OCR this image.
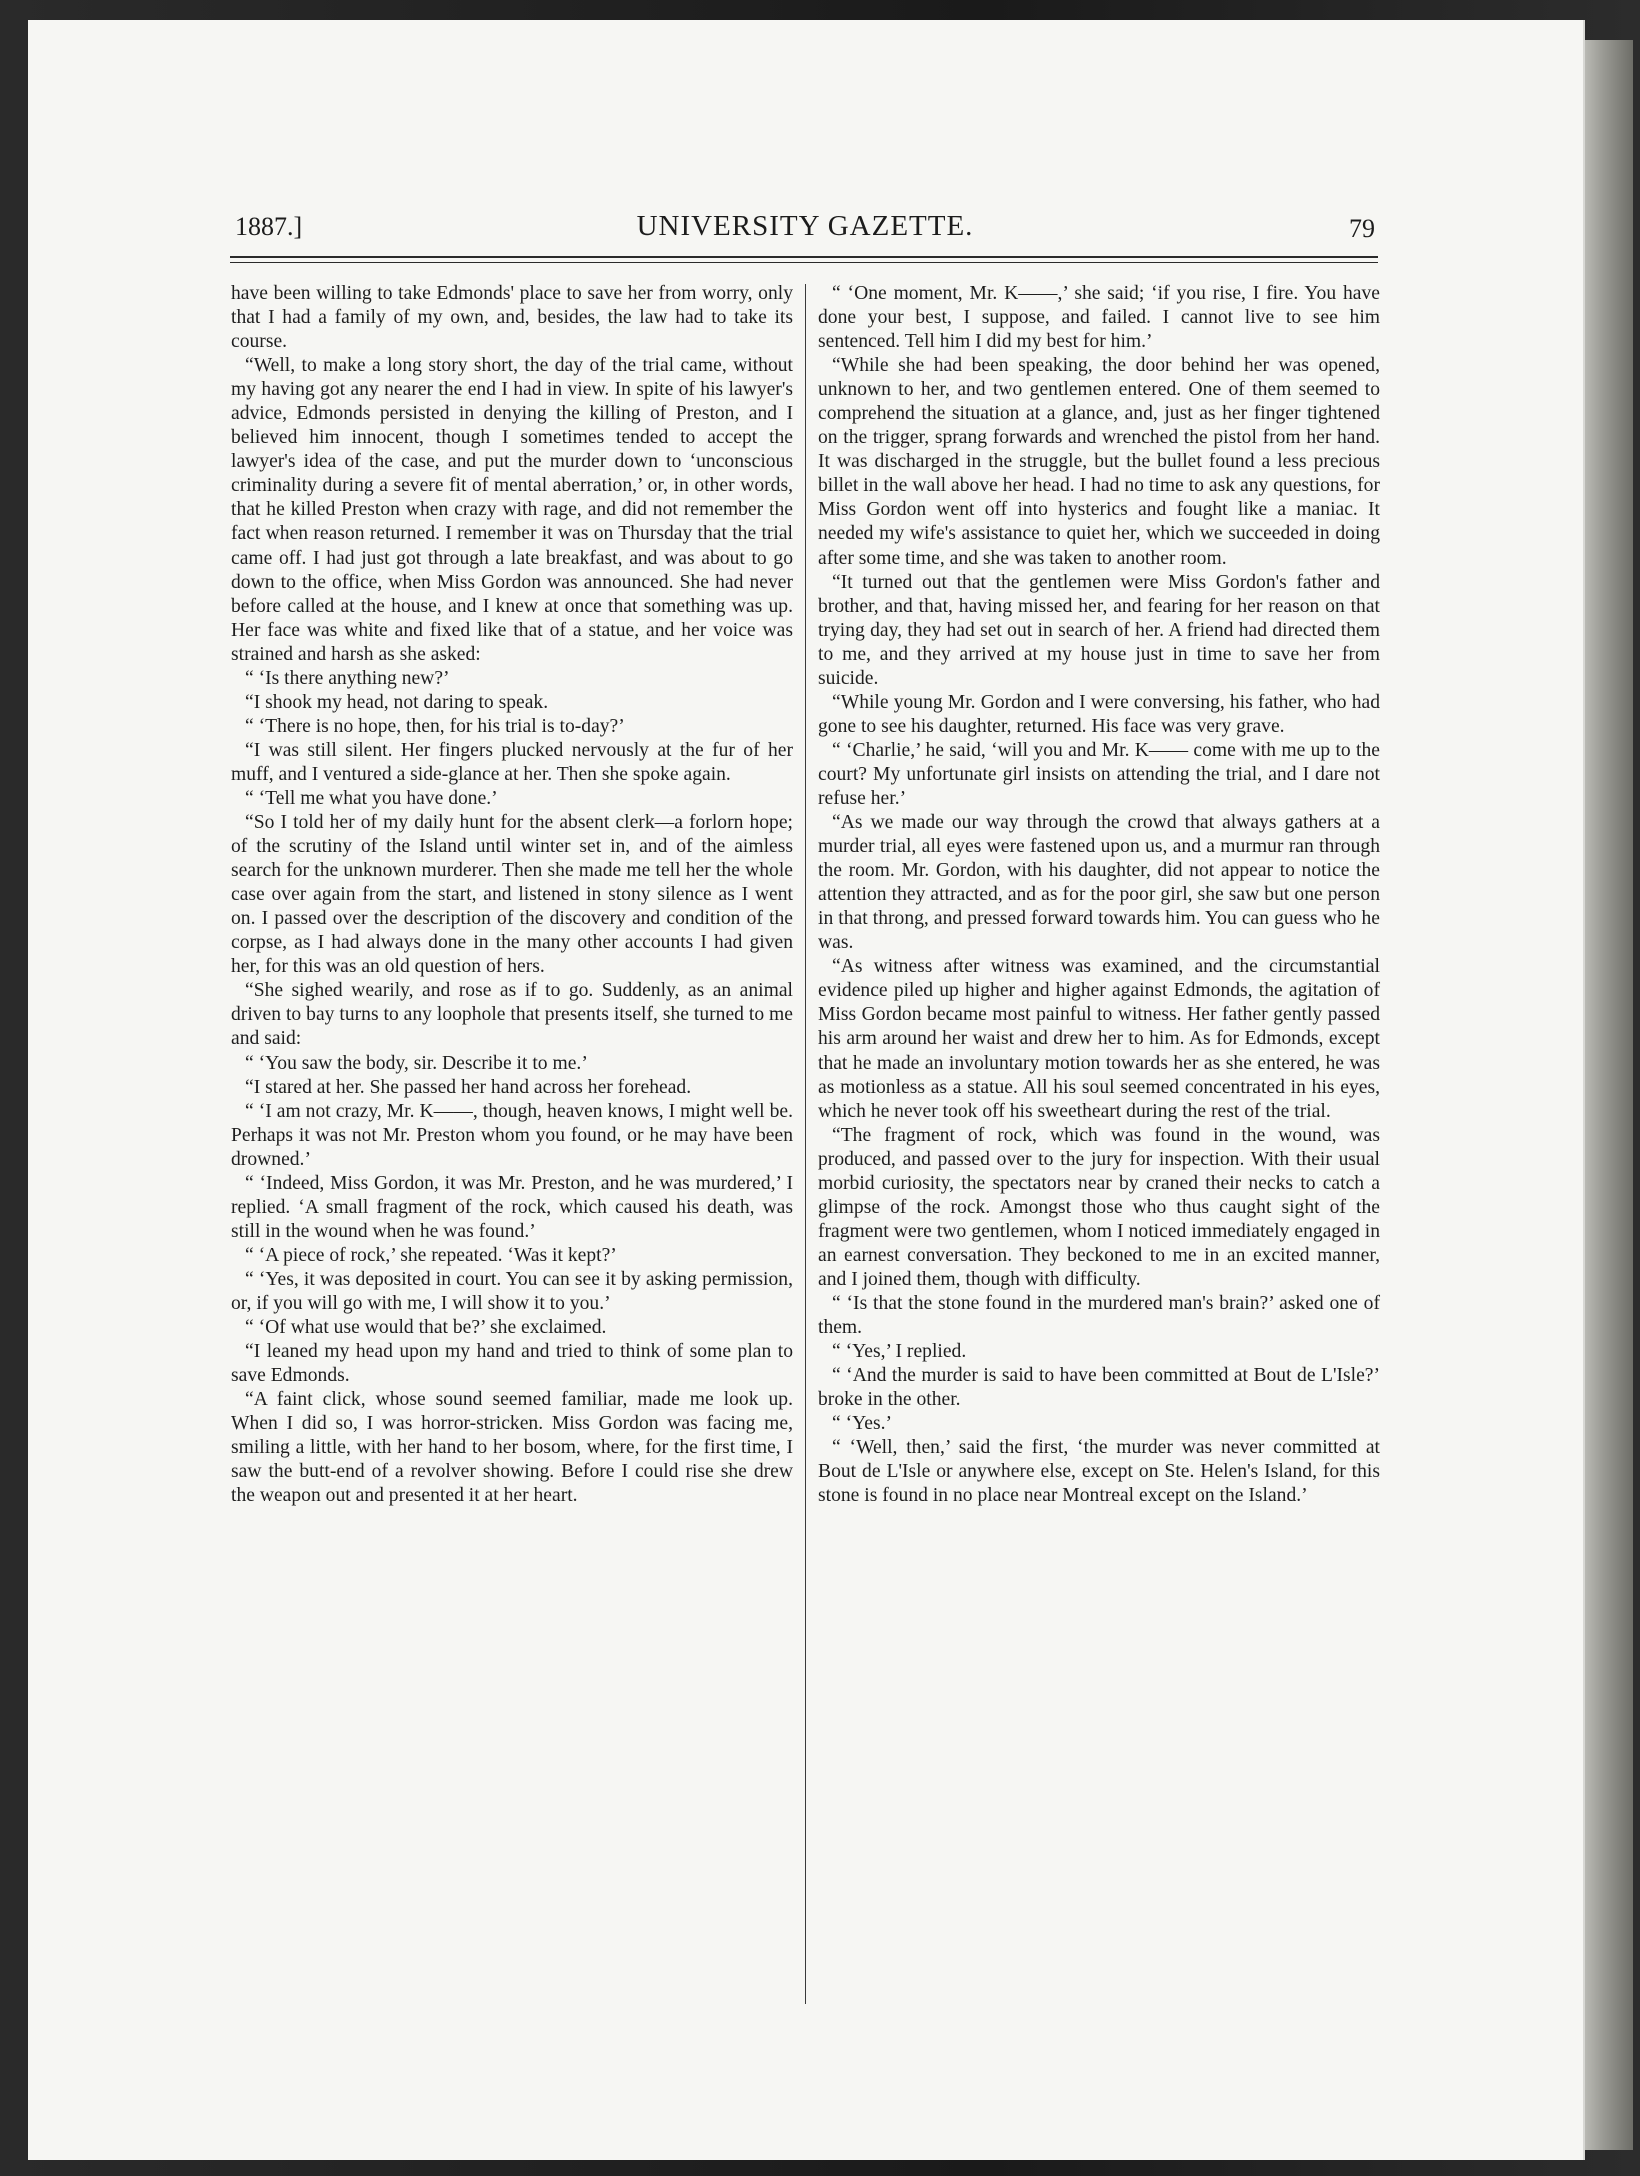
1887.]	UNIVERSITY GAZETTE.	79

have been willing to take Edmonds' place to save her from worry, only that I had a family of my own, and, besides, the law had to take its course.

“Well, to make a long story short, the day of the trial came, without my having got any nearer the end I had in view. In spite of his lawyer's advice, Edmonds persisted in denying the killing of Preston, and I believed him innocent, though I sometimes tended to accept the lawyer's idea of the case, and put the murder down to ‘unconscious criminality during a severe fit of mental aberration,’ or, in other words, that he killed Preston when crazy with rage, and did not remember the fact when reason returned. I remember it was on Thursday that the trial came off. I had just got through a late breakfast, and was about to go down to the office, when Miss Gordon was announced. She had never before called at the house, and I knew at once that something was up. Her face was white and fixed like that of a statue, and her voice was strained and harsh as she asked:

“ ‘Is there anything new?’

“I shook my head, not daring to speak.

“ ‘There is no hope, then, for his trial is to-day?’

“I was still silent. Her fingers plucked nervously at the fur of her muff, and I ventured a side-glance at her. Then she spoke again.

“ ‘Tell me what you have done.’

“So I told her of my daily hunt for the absent clerk—a forlorn hope; of the scrutiny of the Island until winter set in, and of the aimless search for the unknown murderer. Then she made me tell her the whole case over again from the start, and listened in stony silence as I went on. I passed over the description of the discovery and condition of the corpse, as I had always done in the many other accounts I had given her, for this was an old question of hers.

“She sighed wearily, and rose as if to go. Suddenly, as an animal driven to bay turns to any loophole that presents itself, she turned to me and said:

“ ‘You saw the body, sir. Describe it to me.’

“I stared at her. She passed her hand across her forehead.

“ ‘I am not crazy, Mr. K——, though, heaven knows, I might well be. Perhaps it was not Mr. Preston whom you found, or he may have been drowned.’

“ ‘Indeed, Miss Gordon, it was Mr. Preston, and he was murdered,’ I replied. ‘A small fragment of the rock, which caused his death, was still in the wound when he was found.’

“ ‘A piece of rock,’ she repeated. ‘Was it kept?’

“ ‘Yes, it was deposited in court. You can see it by asking permission, or, if you will go with me, I will show it to you.’

“ ‘Of what use would that be?’ she exclaimed.

“I leaned my head upon my hand and tried to think of some plan to save Edmonds.

“A faint click, whose sound seemed familiar, made me look up. When I did so, I was horror-stricken. Miss Gordon was facing me, smiling a little, with her hand to her bosom, where, for the first time, I saw the butt-end of a revolver showing. Before I could rise she drew the weapon out and presented it at her heart.

“ ‘One moment, Mr. K——,’ she said; ‘if you rise, I fire. You have done your best, I suppose, and failed. I cannot live to see him sentenced. Tell him I did my best for him.’

“While she had been speaking, the door behind her was opened, unknown to her, and two gentlemen entered. One of them seemed to comprehend the situation at a glance, and, just as her finger tightened on the trigger, sprang forwards and wrenched the pistol from her hand. It was discharged in the struggle, but the bullet found a less precious billet in the wall above her head. I had no time to ask any questions, for Miss Gordon went off into hysterics and fought like a maniac. It needed my wife's assistance to quiet her, which we succeeded in doing after some time, and she was taken to another room.

“It turned out that the gentlemen were Miss Gordon's father and brother, and that, having missed her, and fearing for her reason on that trying day, they had set out in search of her. A friend had directed them to me, and they arrived at my house just in time to save her from suicide.

“While young Mr. Gordon and I were conversing, his father, who had gone to see his daughter, returned. His face was very grave.

“ ‘Charlie,’ he said, ‘will you and Mr. K—— come with me up to the court? My unfortunate girl insists on attending the trial, and I dare not refuse her.’

“As we made our way through the crowd that always gathers at a murder trial, all eyes were fastened upon us, and a murmur ran through the room. Mr. Gordon, with his daughter, did not appear to notice the attention they attracted, and as for the poor girl, she saw but one person in that throng, and pressed forward towards him. You can guess who he was.

“As witness after witness was examined, and the circumstantial evidence piled up higher and higher against Edmonds, the agitation of Miss Gordon became most painful to witness. Her father gently passed his arm around her waist and drew her to him. As for Edmonds, except that he made an involuntary motion towards her as she entered, he was as motionless as a statue. All his soul seemed concentrated in his eyes, which he never took off his sweetheart during the rest of the trial.

“The fragment of rock, which was found in the wound, was produced, and passed over to the jury for inspection. With their usual morbid curiosity, the spectators near by craned their necks to catch a glimpse of the rock. Amongst those who thus caught sight of the fragment were two gentlemen, whom I noticed immediately engaged in an earnest conversation. They beckoned to me in an excited manner, and I joined them, though with difficulty.

“ ‘Is that the stone found in the murdered man's brain?’ asked one of them.

“ ‘Yes,’ I replied.

“ ‘And the murder is said to have been committed at Bout de L'Isle?’ broke in the other.

“ ‘Yes.’

“ ‘Well, then,’ said the first, ‘the murder was never committed at Bout de L'Isle or anywhere else, except on Ste. Helen's Island, for this stone is found in no place near Montreal except on the Island.’
